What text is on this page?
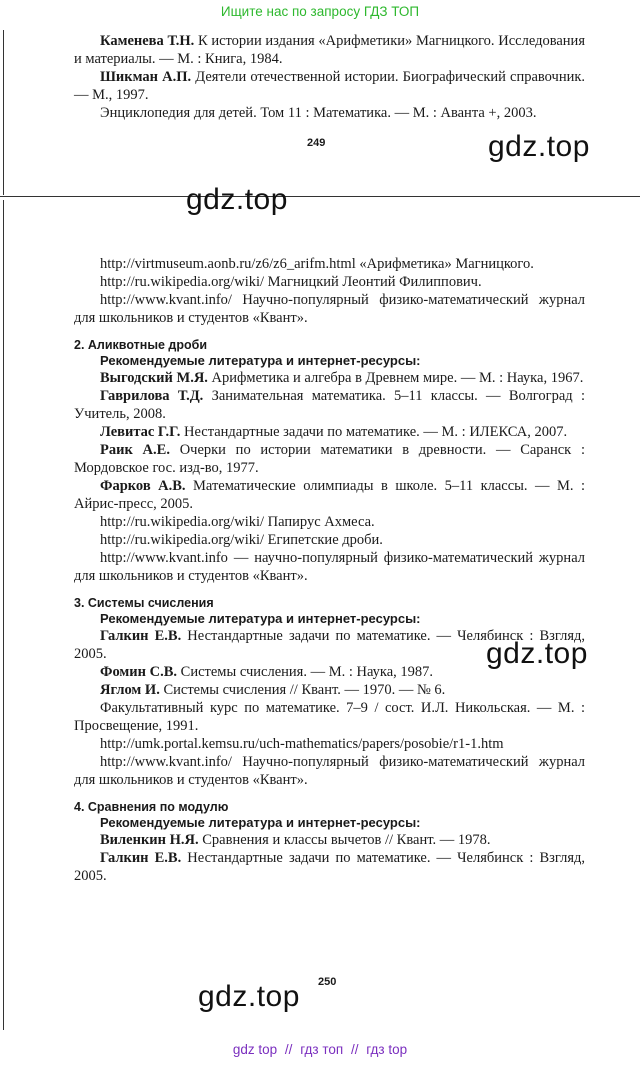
Ищите нас по запросу ГДЗ ТОП

Каменева Т.Н. К истории издания «Арифметики» Магницкого. Исследования и материалы. — М. : Книга, 1984.

Шикман А.П. Деятели отечественной истории. Биографический справочник. — М., 1997.

Энциклопедия для детей. Том 11 : Математика. — М. : Аванта +, 2003.

249

http://virtmuseum.aonb.ru/z6/z6_arifm.html «Арифметика» Магницкого.

http://ru.wikipedia.org/wiki/ Магницкий Леонтий Филиппович.

http://www.kvant.info/ Научно-популярный физико-математический журнал для школьников и студентов «Квант».

2. Аликвотные дроби

Рекомендуемые литература и интернет-ресурсы:

Выгодский М.Я. Арифметика и алгебра в Древнем мире. — М. : Наука, 1967.

Гаврилова Т.Д. Занимательная математика. 5–11 классы. — Волгоград : Учитель, 2008.

Левитас Г.Г. Нестандартные задачи по математике. — М. : ИЛЕКСА, 2007.

Раик А.Е. Очерки по истории математики в древности. — Саранск : Мордовское гос. изд-во, 1977.

Фарков А.В. Математические олимпиады в школе. 5–11 классы. — М. : Айрис-пресс, 2005.

http://ru.wikipedia.org/wiki/ Папирус Ахмеса.

http://ru.wikipedia.org/wiki/ Египетские дроби.

http://www.kvant.info — научно-популярный физико-математический журнал для школьников и студентов «Квант».

3. Системы счисления

Рекомендуемые литература и интернет-ресурсы:

Галкин Е.В. Нестандартные задачи по математике. — Челябинск : Взгляд, 2005.

Фомин С.В. Системы счисления. — М. : Наука, 1987.

Яглом И. Системы счисления // Квант. — 1970. — № 6.

Факультативный курс по математике. 7–9 / сост. И.Л. Никольская. — М. : Просвещение, 1991.

http://umk.portal.kemsu.ru/uch-mathematics/papers/posobie/r1-1.htm

http://www.kvant.info/ Научно-популярный физико-математический журнал для школьников и студентов «Квант».

4. Сравнения по модулю

Рекомендуемые литература и интернет-ресурсы:

Виленкин Н.Я. Сравнения и классы вычетов // Квант. — 1978.

Галкин Е.В. Нестандартные задачи по математике. — Челябинск : Взгляд, 2005.

250
gdz.top
gdz.top
gdz.top
gdz.top
gdz top // гдз топ // гдз top
